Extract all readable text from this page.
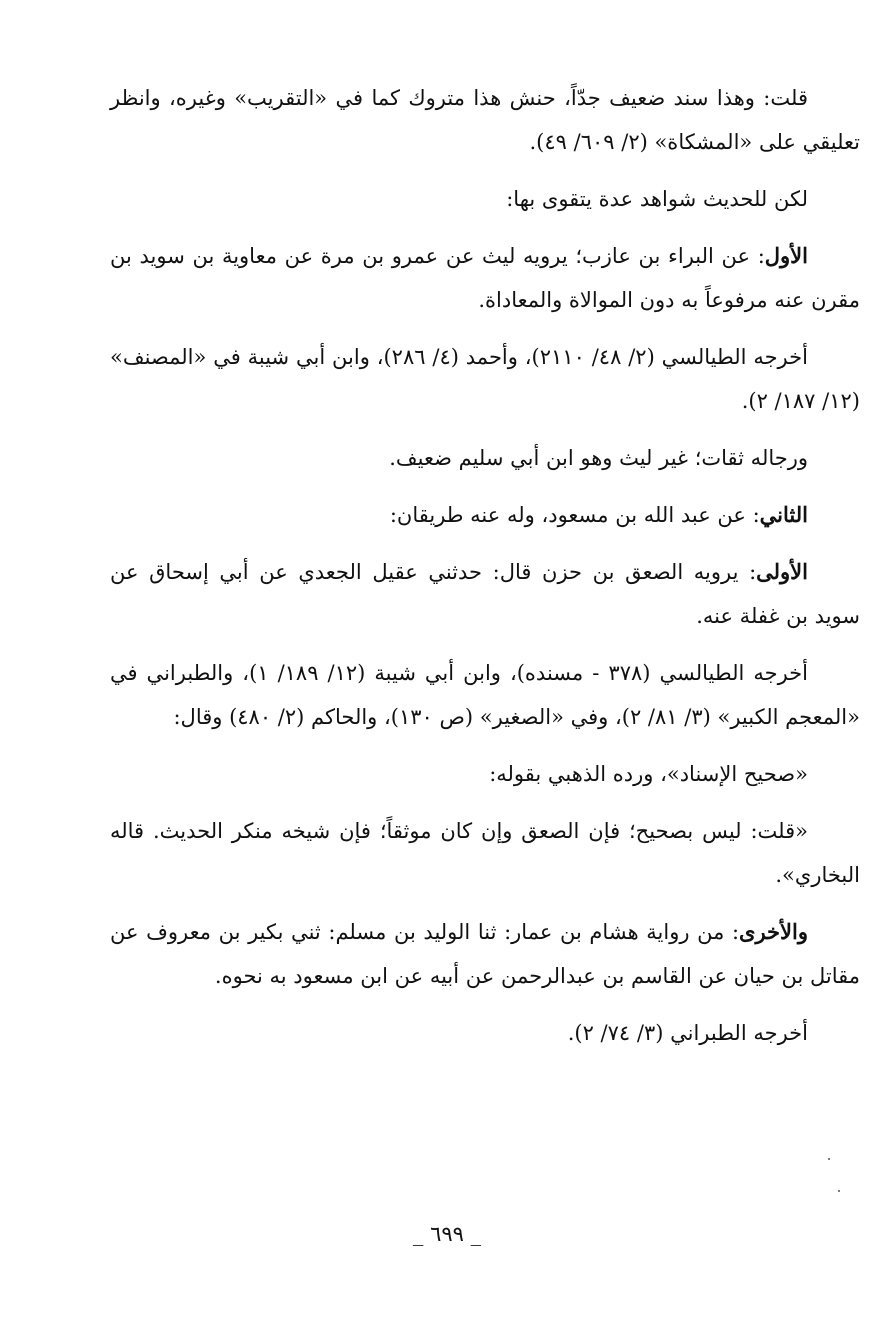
قلت: وهذا سند ضعيف جدّاً، حنش هذا متروك كما في «التقريب» وغيره، وانظر تعليقي على «المشكاة» (٢/ ٦٠٩/ ٤٩).

لكن للحديث شواهد عدة يتقوى بها:

الأول: عن البراء بن عازب؛ يرويه ليث عن عمرو بن مرة عن معاوية بن سويد بن مقرن عنه مرفوعاً به دون الموالاة والمعاداة.

أخرجه الطيالسي (٢/ ٤٨/ ٢١١٠)، وأحمد (٤/ ٢٨٦)، وابن أبي شيبة في «المصنف» (١٢/ ١٨٧/ ٢).

ورجاله ثقات؛ غير ليث وهو ابن أبي سليم ضعيف.

الثاني: عن عبد الله بن مسعود، وله عنه طريقان:

الأولى: يرويه الصعق بن حزن قال: حدثني عقيل الجعدي عن أبي إسحاق عن سويد بن غفلة عنه.

أخرجه الطيالسي (٣٧٨ - مسنده)، وابن أبي شيبة (١٢/ ١٨٩/ ١)، والطبراني في «المعجم الكبير» (٣/ ٨١/ ٢)، وفي «الصغير» (ص ١٣٠)، والحاكم (٢/ ٤٨٠) وقال:

«صحيح الإسناد»، ورده الذهبي بقوله:

«قلت: ليس بصحيح؛ فإن الصعق وإن كان موثقاً؛ فإن شيخه منكر الحديث. قاله البخاري».

والأخرى: من رواية هشام بن عمار: ثنا الوليد بن مسلم: ثني بكير بن معروف عن مقاتل بن حيان عن القاسم بن عبدالرحمن عن أبيه عن ابن مسعود به نحوه.

أخرجه الطبراني (٣/ ٧٤/ ٢).

_ ٦٩٩ _
